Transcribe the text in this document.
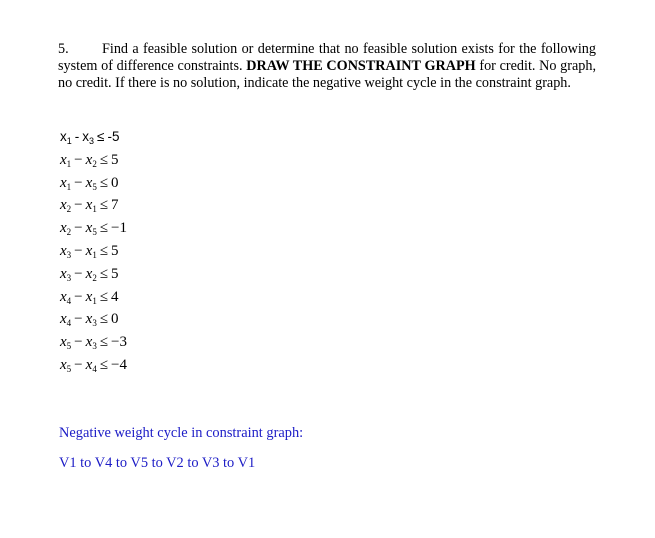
5. Find a feasible solution or determine that no feasible solution exists for the following system of difference constraints. DRAW THE CONSTRAINT GRAPH for credit. No graph, no credit. If there is no solution, indicate the negative weight cycle in the constraint graph.
$x_1 - x_3 \le -5$
$x_1 - x_2 \le 5$
$x_1 - x_5 \le 0$
$x_2 - x_1 \le 7$
$x_2 - x_5 \le -1$
$x_3 - x_1 \le 5$
$x_3 - x_2 \le 5$
$x_4 - x_1 \le 4$
$x_4 - x_3 \le 0$
$x_5 - x_3 \le -3$
$x_5 - x_4 \le -4$
Negative weight cycle in constraint graph:
V1 to V4 to V5 to V2 to V3 to V1
